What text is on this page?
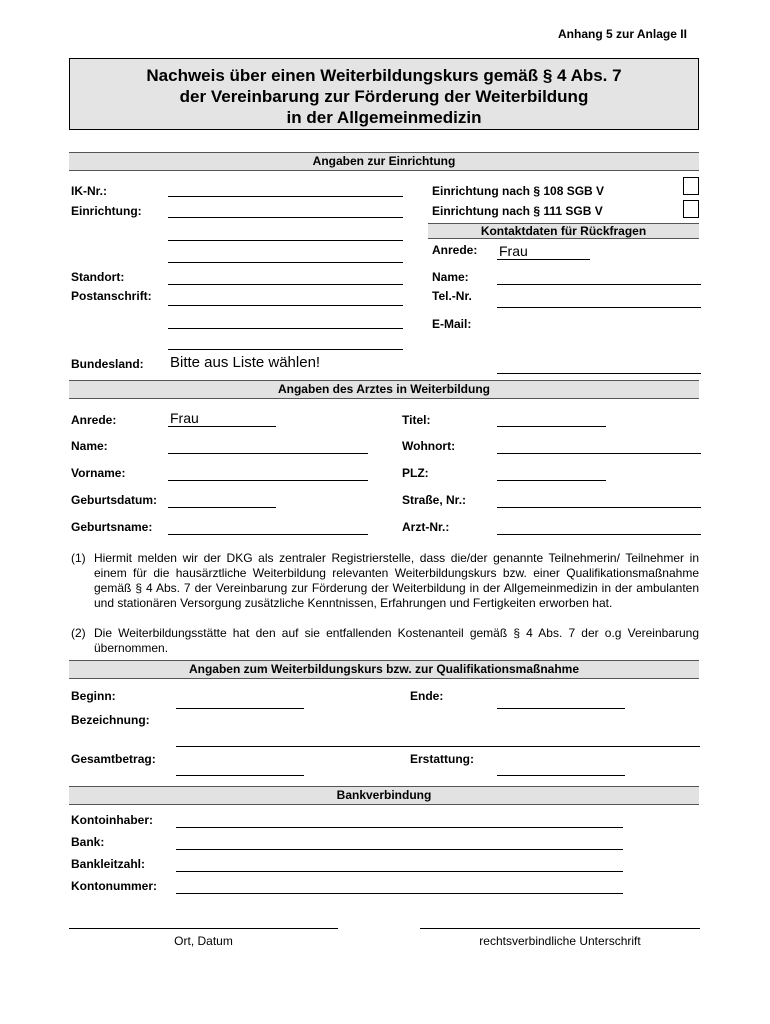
Anhang 5 zur Anlage II
Nachweis über einen Weiterbildungskurs gemäß § 4 Abs. 7
der Vereinbarung zur Förderung der Weiterbildung
in der Allgemeinmedizin
Angaben zur Einrichtung
IK-Nr.:
Einrichtung:
Einrichtung nach § 108 SGB V
Einrichtung nach § 111 SGB V
Kontaktdaten für Rückfragen
Anrede: Frau
Standort:	Name:
Postanschrift:	Tel.-Nr.
E-Mail:
Bundesland: Bitte aus Liste wählen!
Angaben des Arztes in Weiterbildung
Anrede:	Frau	Titel:
Name:	Wohnort:
Vorname:	PLZ:
Geburtsdatum:	Straße, Nr.:
Geburtsname:	Arzt-Nr.:
(1) Hiermit melden wir der DKG als zentraler Registrierstelle, dass die/der genannte Teilnehmerin/ Teilnehmer in einem für die hausärztliche Weiterbildung relevanten Weiterbildungskurs bzw. einer Qualifikationsmaßnahme gemäß § 4 Abs. 7 der Vereinbarung zur Förderung der Weiterbildung in der Allgemeinmedizin in der ambulanten und stationären Versorgung zusätzliche Kenntnissen, Erfahrungen und Fertigkeiten erworben hat.
(2) Die Weiterbildungsstätte hat den auf sie entfallenden Kostenanteil gemäß § 4 Abs. 7 der o.g Vereinbarung übernommen.
Angaben zum Weiterbildungskurs bzw. zur Qualifikationsmaßnahme
Beginn:	Ende:
Bezeichnung:
Gesamtbetrag:	Erstattung:
Bankverbindung
Kontoinhaber:
Bank:
Bankleitzahl:
Kontonummer:
Ort, Datum	rechtsverbindliche Unterschrift
